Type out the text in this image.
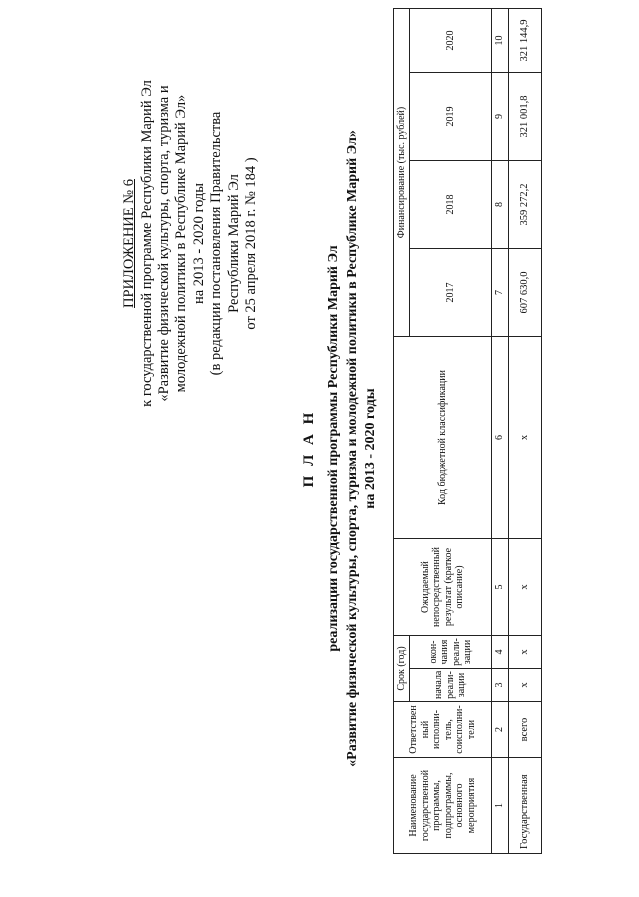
ПРИЛОЖЕНИЕ № 6 к государственной программе Республики Марий Эл «Развитие физической культуры, спорта, туризма и молодежной политики в Республике Марий Эл» на 2013 - 2020 годы (в редакции постановления Правительства Республики Марий Эл от 25 апреля 2018 г. № 184 )
П Л А Н реализации государственной программы Республики Марий Эл «Развитие физической культуры, спорта, туризма и молодежной политики в Республике Марий Эл» на 2013 - 2020 годы
Наименование государственной программы, подпрограммы, основного мероприятия	Ответствен ный исполни- тель, соисполни- тели	Срок (год)		Ожидаемый непосредственный результат (краткое описание)	Код бюджетной классификации	Финансирование (тыс. рублей)			
		начала реали- зации	окон- чания реали- зации			2017	2018	2019	2020

1	2	3	4	5	6	7	8	9	10
Государственная	всего	х	х	х	х	607 630,0	359 272,2	321 001,8	321 144,9
